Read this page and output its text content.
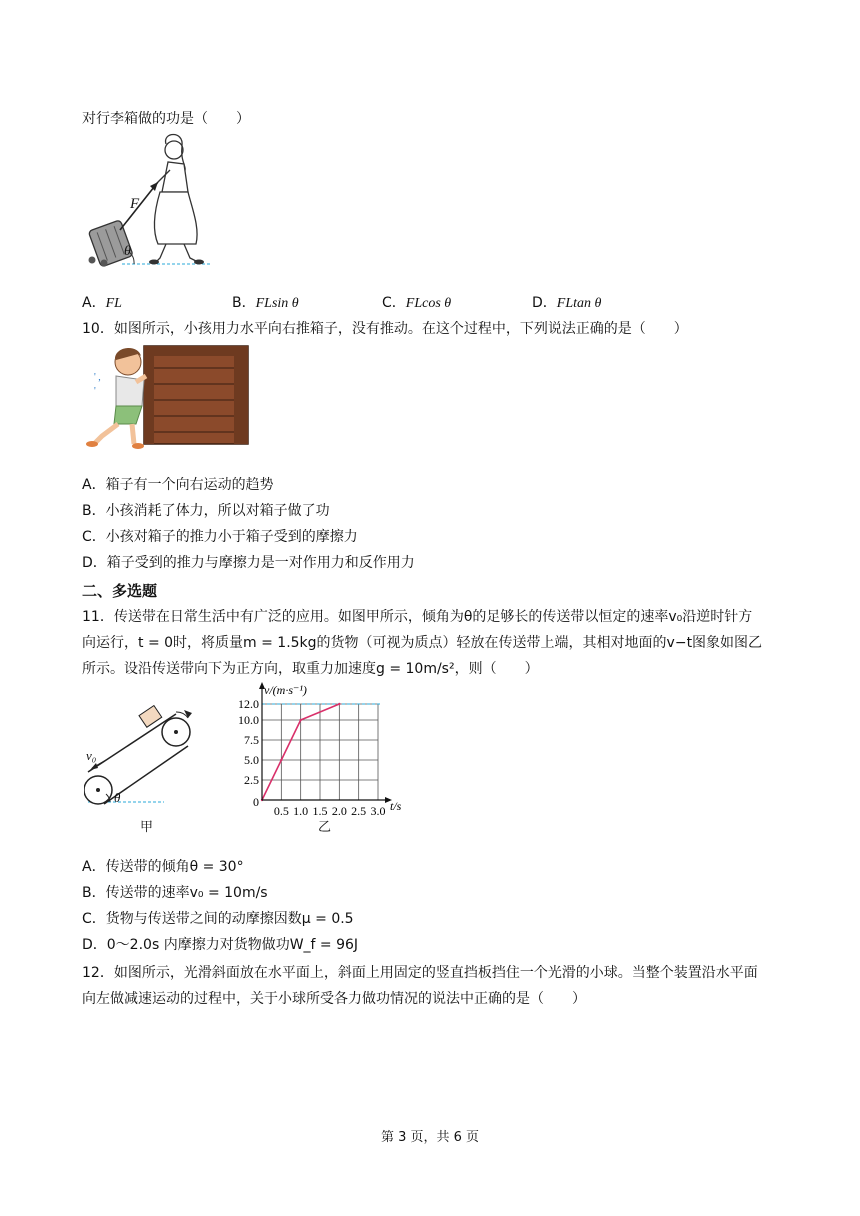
对行李箱做的功是（　　）
F
θ
A．FL	B．FLsin θ	C．FLcos θ	D．FLtan θ
10．如图所示，小孩用力水平向右推箱子，没有推动。在这个过程中，下列说法正确的是（　　）
' ,
'
A．箱子有一个向右运动的趋势
B．小孩消耗了体力，所以对箱子做了功
C．小孩对箱子的推力小于箱子受到的摩擦力
D．箱子受到的推力与摩擦力是一对作用力和反作用力
二、多选题
11．传送带在日常生活中有广泛的应用。如图甲所示，倾角为θ的足够长的传送带以恒定的速率v₀沿逆时针方
向运行，t = 0时，将质量m = 1.5kg的货物（可视为质点）轻放在传送带上端，其相对地面的v−t图象如图乙
所示。设沿传送带向下为正方向，取重力加速度g = 10m/s²，则（　　）
v₀
θ
甲
0.5 1.0 1.5 2.0 2.5 3.0
2.5
5.0
7.5
10.0
12.0
v/(m·s⁻¹)
t/s
0
乙
A．传送带的倾角θ = 30°
B．传送带的速率v₀ = 10m/s
C．货物与传送带之间的动摩擦因数μ = 0.5
D．0～2.0s 内摩擦力对货物做功W_f = 96J
12．如图所示，光滑斜面放在水平面上，斜面上用固定的竖直挡板挡住一个光滑的小球。当整个装置沿水平面
向左做减速运动的过程中，关于小球所受各力做功情况的说法中正确的是（　　）
第 3 页，共 6 页
